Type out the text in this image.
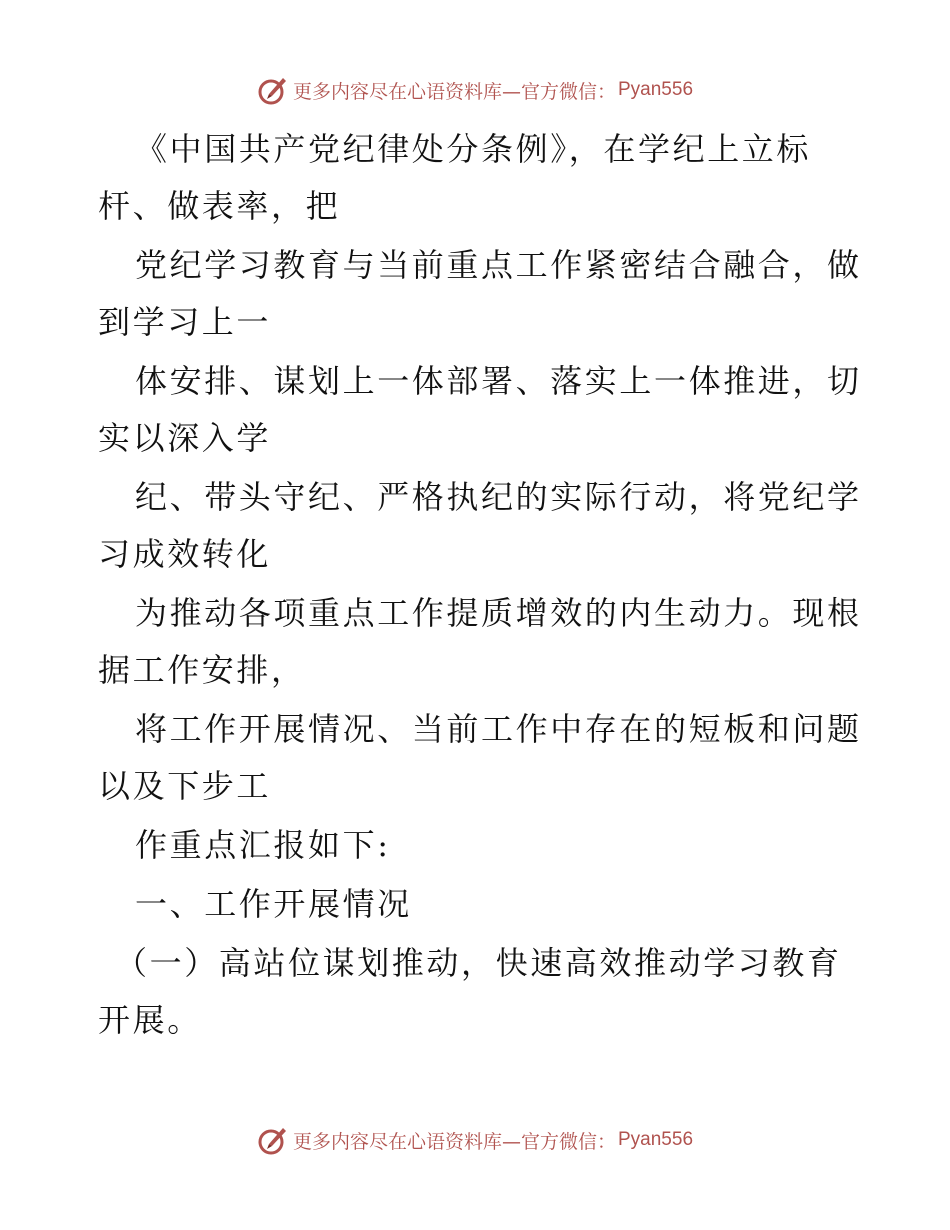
更多内容尽在心语资料库—官方微信： Pyan556
《中国共产党纪律处分条例》，在学纪上立标
杆、做表率，把
党纪学习教育与当前重点工作紧密结合融合，做
到学习上一
体安排、谋划上一体部署、落实上一体推进，切
实以深入学
纪、带头守纪、严格执纪的实际行动，将党纪学
习成效转化
为推动各项重点工作提质增效的内生动力。现根
据工作安排，
将工作开展情况、当前工作中存在的短板和问题
以及下步工
作重点汇报如下:
一、工作开展情况
（一）高站位谋划推动，快速高效推动学习教育
开展。
更多内容尽在心语资料库—官方微信： Pyan556
